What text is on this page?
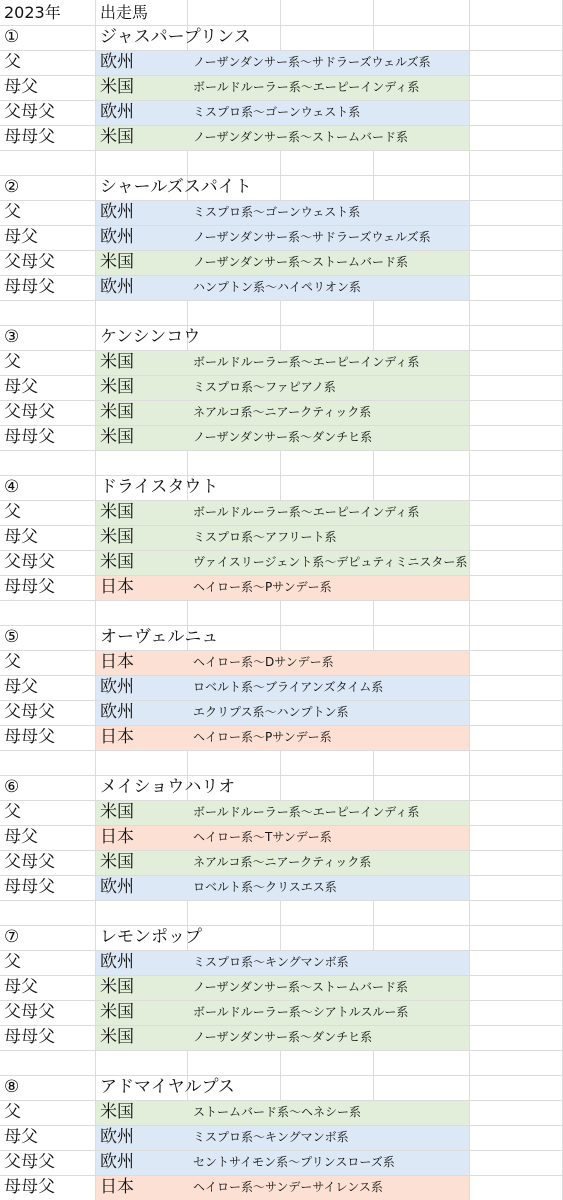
2023年 出走馬
①	ジャスパープリンス
父	欧州	ノーザンダンサー系〜サドラーズウェルズ系
母父	米国	ボールドルーラー系〜エーピーインディ系
父母父	欧州	ミスプロ系〜ゴーンウェスト系
母母父	米国	ノーザンダンサー系〜ストームバード系
②	シャールズスパイト
父	欧州	ミスプロ系〜ゴーンウェスト系
母父	欧州	ノーザンダンサー系〜サドラーズウェルズ系
父母父	米国	ノーザンダンサー系〜ストームバード系
母母父	欧州	ハンプトン系〜ハイペリオン系
③	ケンシンコウ
父	米国	ボールドルーラー系〜エーピーインディ系
母父	米国	ミスプロ系〜ファピアノ系
父母父	米国	ネアルコ系〜ニアークティック系
母母父	米国	ノーザンダンサー系〜ダンチヒ系
④	ドライスタウト
父	米国	ボールドルーラー系〜エーピーインディ系
母父	米国	ミスプロ系〜アフリート系
父母父	米国	ヴァイスリージェント系〜デピュティミニスター系
母母父	日本	ヘイロー系〜Pサンデー系
⑤	オーヴェルニュ
父	日本	ヘイロー系〜Dサンデー系
母父	欧州	ロベルト系〜ブライアンズタイム系
父母父	欧州	エクリプス系〜ハンプトン系
母母父	日本	ヘイロー系〜Pサンデー系
⑥	メイショウハリオ
父	米国	ボールドルーラー系〜エーピーインディ系
母父	日本	ヘイロー系〜Tサンデー系
父母父	米国	ネアルコ系〜ニアークティック系
母母父	欧州	ロベルト系〜クリスエス系
⑦	レモンポップ
父	欧州	ミスプロ系〜キングマンボ系
母父	米国	ノーザンダンサー系〜ストームバード系
父母父	米国	ボールドルーラー系〜シアトルスルー系
母母父	米国	ノーザンダンサー系〜ダンチヒ系
⑧	アドマイヤルプス
父	米国	ストームバード系〜ヘネシー系
母父	欧州	ミスプロ系〜キングマンボ系
父母父	欧州	セントサイモン系〜プリンスローズ系
母母父	日本	ヘイロー系〜サンデーサイレンス系
